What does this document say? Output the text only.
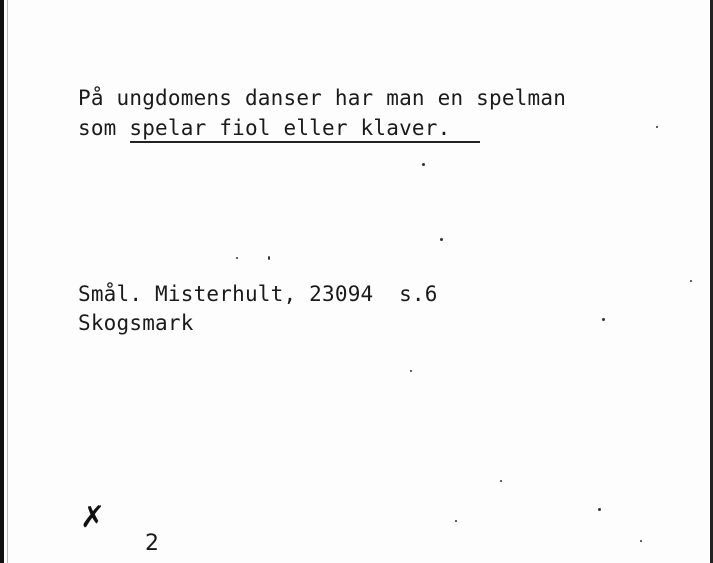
På ungdomens danser har man en spelman
som spelar fiol eller klaver.
Smål. Misterhult, 23094  s.6
Skogsmark
✗
2
